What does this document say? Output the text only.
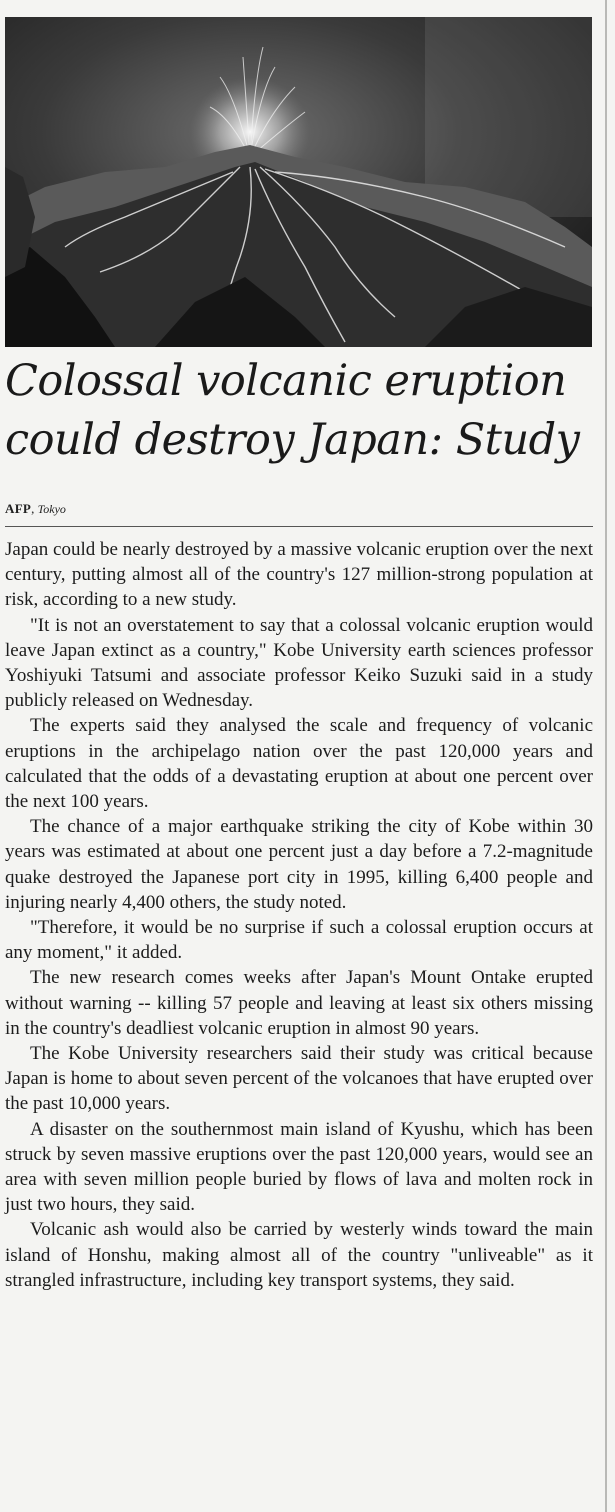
Colossal volcanic eruption could destroy Japan: Study
AFP, Tokyo

Japan could be nearly destroyed by a massive volcanic eruption over the next century, putting almost all of the country's 127 million-strong population at risk, according to a new study.

"It is not an overstatement to say that a colossal volcanic eruption would leave Japan extinct as a country," Kobe University earth sciences professor Yoshiyuki Tatsumi and associate professor Keiko Suzuki said in a study publicly released on Wednesday.

The experts said they analysed the scale and frequency of volcanic eruptions in the archipelago nation over the past 120,000 years and calculated that the odds of a devastating eruption at about one percent over the next 100 years.

The chance of a major earthquake striking the city of Kobe within 30 years was estimated at about one percent just a day before a 7.2-magnitude quake destroyed the Japanese port city in 1995, killing 6,400 people and injuring nearly 4,400 others, the study noted.

"Therefore, it would be no surprise if such a colossal eruption occurs at any moment," it added.

The new research comes weeks after Japan's Mount Ontake erupted without warning -- killing 57 people and leaving at least six others missing in the country's deadliest volcanic eruption in almost 90 years.

The Kobe University researchers said their study was critical because Japan is home to about seven percent of the volcanoes that have erupted over the past 10,000 years.

A disaster on the southernmost main island of Kyushu, which has been struck by seven massive eruptions over the past 120,000 years, would see an area with seven million people buried by flows of lava and molten rock in just two hours, they said.

Volcanic ash would also be carried by westerly winds toward the main island of Honshu, making almost all of the country "unliveable" as it strangled infrastructure, including key transport systems, they said.
